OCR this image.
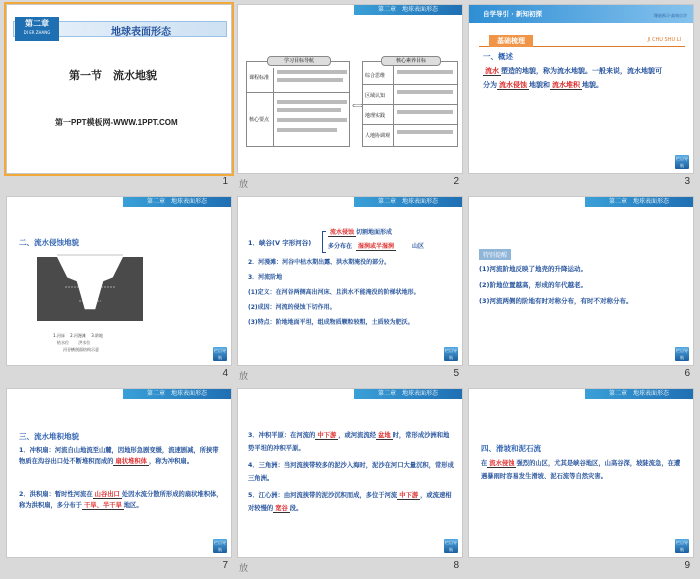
第二章
DI ER ZHANG	地球表面形态
第一节　流水地貌
第一PPT模板网-WWW.1PPT.COM
1
第二章　地球表面形态
学习目标导航
课程标准
核心要点
⟺
核心素养目标
综合思维
区域认知
地理实践
人地协调观
放	2
自学导引 · 新知初探	课前预习·高效自学
基础梳理	JI CHU SHU LI
一、概述
流水 塑造的地貌，称为流水地貌。一般来说，流水地貌可
分为 流水侵蚀 地貌和 流水堆积 地貌。
栏目导航
3
第二章　地球表面形态
二、流水侵蚀地貌
1.河床 2.河漫滩 3.阶地
枯水位 洪水位
河谷横剖面结构示意	栏目导航
4
第二章　地球表面形态
1．峡谷(V 字形河谷)
流水侵蚀 切割地面形成
多分布在 湿润或半湿润	山区
2．河漫滩：河谷中枯水期出露、洪水期淹没的部分。
3．河流阶地
(1)定义：在河谷两侧高出河床、且洪水不能淹没的阶梯状地形。
(2)成因：河流的侵蚀下切作用。
(3)特点：阶地地面平坦，组成物质颗粒较粗，土质较为肥沃。
栏目导航
放	5
第二章　地球表面形态
特别提醒
(1)河流阶地反映了地壳的升降运动。
(2)阶地位置越高，形成的年代越老。
(3)河流两侧的阶地有时对称分布，有时不对称分布。
栏目导航
6
第二章　地球表面形态
三、流水堆积地貌
1．冲积扇：河流自山地流至山麓，因地形急剧变缓，流速剧减，所挟带物质在沟谷出口处不断堆积而成的 扇状堆积体 ，称为冲积扇。
2．洪积扇：暂时性河流在 山谷出口 处因水流分散所形成的扇状堆积体，称为洪积扇，多分布于 干旱、半干旱 地区。
栏目导航
7
第二章　地球表面形态
3．冲积平原：在河流的 中下游 ，或河流流经 盆地 时，常形成沙洲和地势平坦的冲积平原。
4．三角洲：当河流挟带较多的泥沙入海时，泥沙在河口大量沉积，常形成三角洲。
5．江心洲：由河流挟带的泥沙沉积而成，多位于河流 中下游 ，或流速相对较慢的 宽谷 段。
栏目导航
放	8
第二章　地球表面形态
四、滑坡和泥石流
在 流水侵蚀 强烈的山区，尤其是峡谷地区，山高谷深，坡陡流急，在遭遇暴雨时容易发生滑坡、泥石流等自然灾害。
栏目导航
9
